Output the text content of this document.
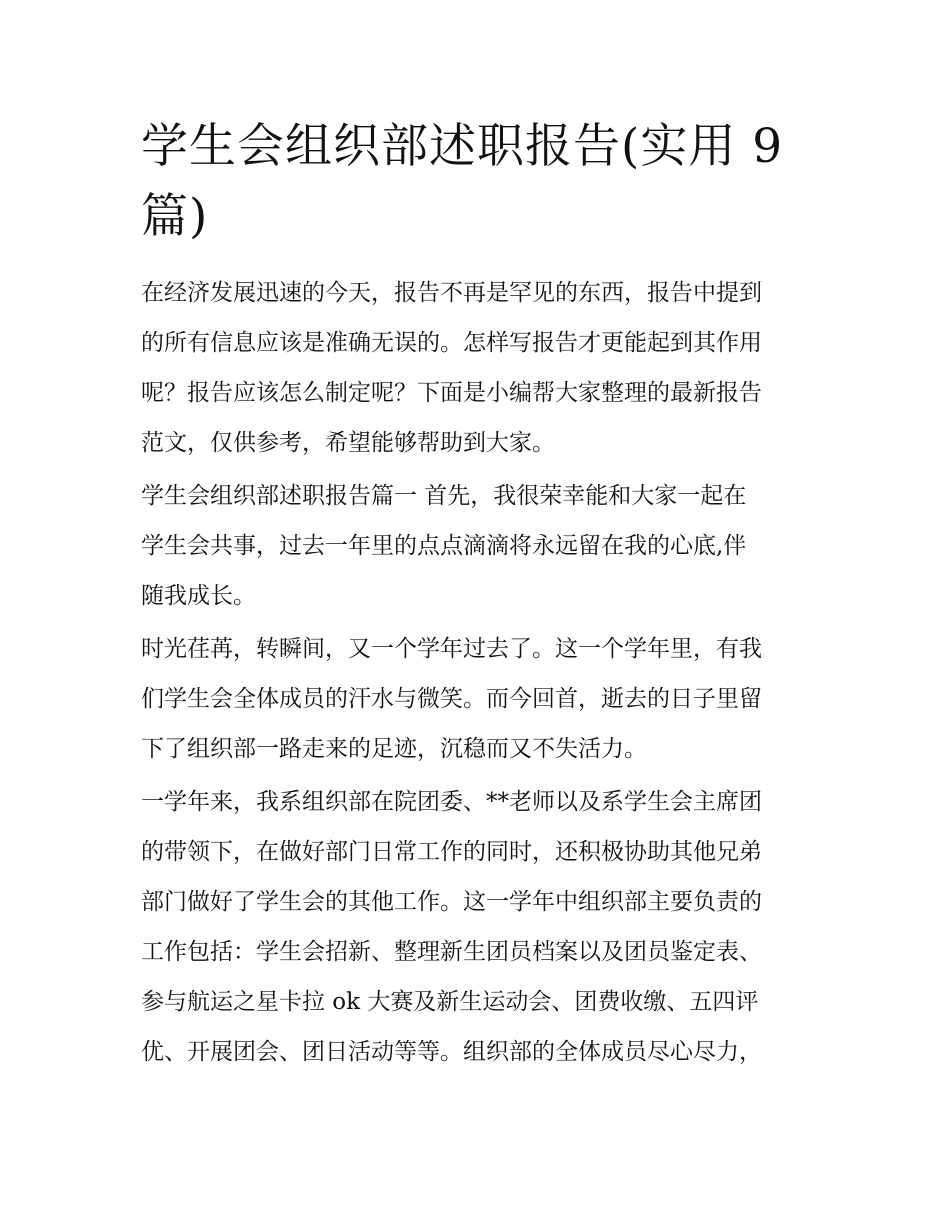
学生会组织部述职报告(实用 9
篇)

在经济发展迅速的今天，报告不再是罕见的东西，报告中提到
的所有信息应该是准确无误的。怎样写报告才更能起到其作用
呢？报告应该怎么制定呢？下面是小编帮大家整理的最新报告
范文，仅供参考，希望能够帮助到大家。

学生会组织部述职报告篇一 首先，我很荣幸能和大家一起在
学生会共事，过去一年里的点点滴滴将永远留在我的心底,伴
随我成长。

时光荏苒，转瞬间，又一个学年过去了。这一个学年里，有我
们学生会全体成员的汗水与微笑。而今回首，逝去的日子里留
下了组织部一路走来的足迹，沉稳而又不失活力。

一学年来，我系组织部在院团委、**老师以及系学生会主席团
的带领下，在做好部门日常工作的同时，还积极协助其他兄弟
部门做好了学生会的其他工作。这一学年中组织部主要负责的
工作包括：学生会招新、整理新生团员档案以及团员鉴定表、
参与航运之星卡拉 ok 大赛及新生运动会、团费收缴、五四评
优、开展团会、团日活动等等。组织部的全体成员尽心尽力，
